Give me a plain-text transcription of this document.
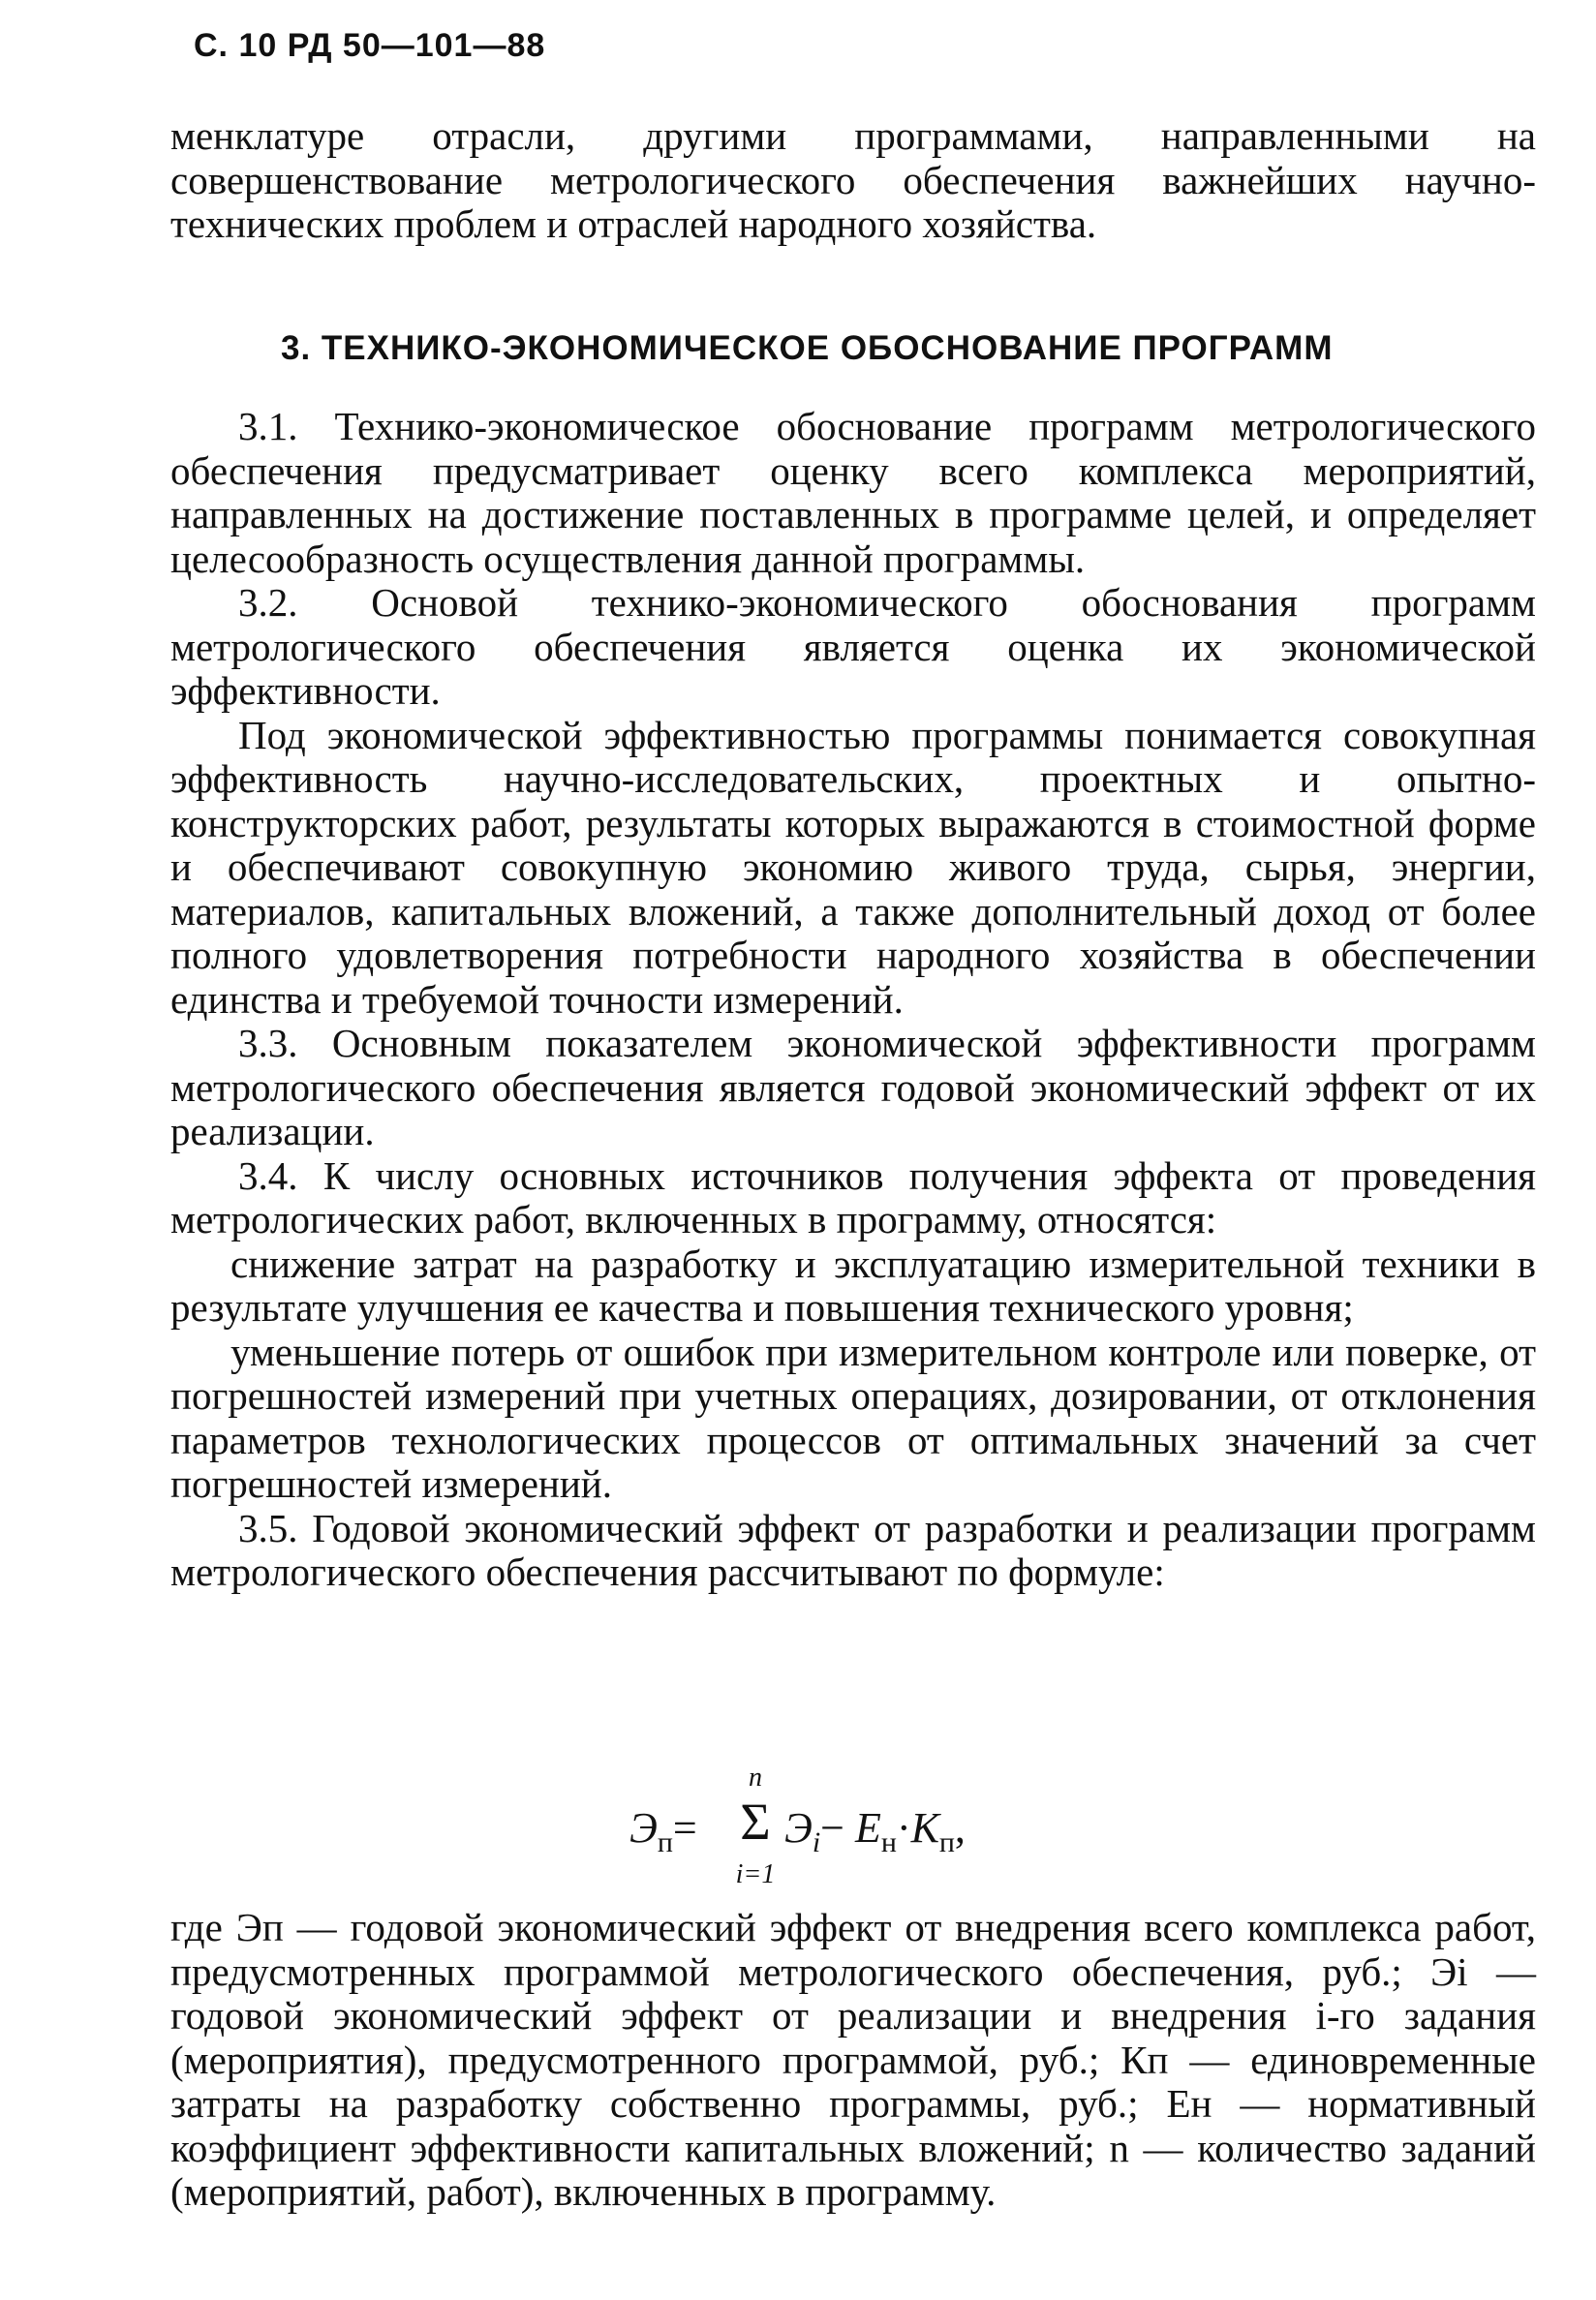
С. 10 РД 50—101—88

менклатуре отрасли, другими программами, направленными на совершенствование метрологического обеспечения важнейших научно-технических проблем и отраслей народного хозяйства.

3. ТЕХНИКО-ЭКОНОМИЧЕСКОЕ ОБОСНОВАНИЕ ПРОГРАММ

3.1. Технико-экономическое обоснование программ метрологического обеспечения предусматривает оценку всего комплекса мероприятий, направленных на достижение поставленных в программе целей, и определяет целесообразность осуществления данной программы.

3.2. Основой технико-экономического обоснования программ метрологического обеспечения является оценка их экономической эффективности.

Под экономической эффективностью программы понимается совокупная эффективность научно-исследовательских, проектных и опытно-конструкторских работ, результаты которых выражаются в стоимостной форме и обеспечивают совокупную экономию живого труда, сырья, энергии, материалов, капитальных вложений, а также дополнительный доход от более полного удовлетворения потребности народного хозяйства в обеспечении единства и требуемой точности измерений.

3.3. Основным показателем экономической эффективности программ метрологического обеспечения является годовой экономический эффект от их реализации.

3.4. К числу основных источников получения эффекта от проведения метрологических работ, включенных в программу, относятся:

снижение затрат на разработку и эксплуатацию измерительной техники в результате улучшения ее качества и повышения технического уровня;

уменьшение потерь от ошибок при измерительном контроле или поверке, от погрешностей измерений при учетных операциях, дозировании, от отклонения параметров технологических процессов от оптимальных значений за счет погрешностей измерений.

3.5. Годовой экономический эффект от разработки и реализации программ метрологического обеспечения рассчитывают по формуле:

$Э_п=$
n
Σ
i=1
$Э_i- Е_н\cdot К_п$,

где Эп — годовой экономический эффект от внедрения всего комплекса работ, предусмотренных программой метрологического обеспечения, руб.; Эi — годовой экономический эффект от реализации и внедрения i-го задания (мероприятия), предусмотренного программой, руб.; Кп — единовременные затраты на разработку собственно программы, руб.; Ен — нормативный коэффициент эффективности капитальных вложений; n — количество заданий (мероприятий, работ), включенных в программу.
